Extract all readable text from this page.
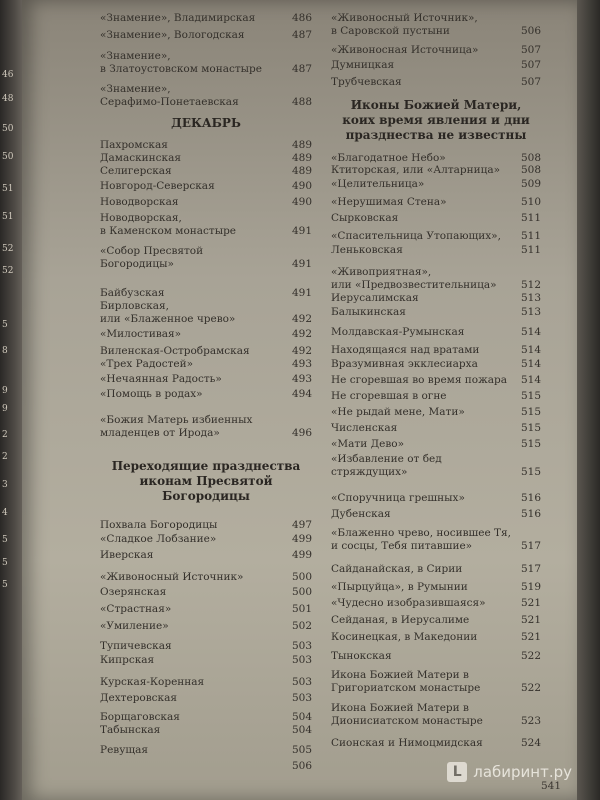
46
48
50
50
51
51
52
52
5
8
9
9
2
2
3
4
5
5
5
«Знамение», Владимирская	486
«Знамение», Вологодская	487
«Знамение»,
в Златоустовском монастыре	487
«Знамение»,
Серафимо-Понетаевская	488
ДЕКАБРЬ
Пахромская	489
Дамаскинская	489
Селигерская	489
Новгород-Северская	490
Новодворская	490
Новодворская,
в Каменском монастыре	491
«Собор Пресвятой
Богородицы»	491
Байбузская	491
Бирловская,
или «Блаженное чрево»	492
«Милостивая»	492
Виленская-Остробрамская	492
«Трех Радостей»	493
«Нечаянная Радость»	493
«Помощь в родах»	494
«Божия Матерь избиенных
младенцев от Ирода»	496
Переходящие празднества
иконам Пресвятой
Богородицы
Похвала Богородицы	497
«Сладкое Лобзание»	499
Иверская	499
«Живоносный Источник»	500
Озерянская	500
«Страстная»	501
«Умиление»	502
Тупичевская	503
Кипрская	503
Курская-Коренная	503
Дехтеровская	503
Борщаговская	504
Табынская	504
Ревущая	505
506
«Живоносный Источник»,
в Саровской пустыни	506
«Живоносная Источница»	507
Думницкая	507
Трубчевская	507
Иконы Божией Матери,
коих время явления и дни
празднества не известны
«Благодатное Небо»	508
Ктиторская, или «Алтарница» 508
«Целительница»	509
«Нерушимая Стена»	510
Сырковская	511
«Спасительница Утопающих», 511
Леньковская	511
«Живоприятная»,
или «Предвозвестительница» 512
Иерусалимская	513
Балыкинская	513
Молдавская-Румынская	514
Находящаяся над вратами	514
Вразумивная экклесиарха	514
Не сгоревшая во время пожара 514
Не сгоревшая в огне	515
«Не рыдай мене, Мати»	515
Численская	515
«Мати Дево»	515
«Избавление от бед
стряждущих»	515
«Споручница грешных»	516
Дубенская	516
«Блаженно чрево, носившее Тя,
и сосцы, Тебя питавшие»	517
Сайданайская, в Сирии	517
«Пырцуйца», в Румынии	519
«Чудесно изобразившаяся»	521
Сейданая, в Иерусалиме	521
Косинецкая, в Македонии	521
Тынокская	522
Икона Божией Матери в
Григориатском монастыре	522
Икона Божией Матери в
Дионисиатском монастыре	523
Сионская и Нимоцмидская	524
541
L лабиринт.ру
